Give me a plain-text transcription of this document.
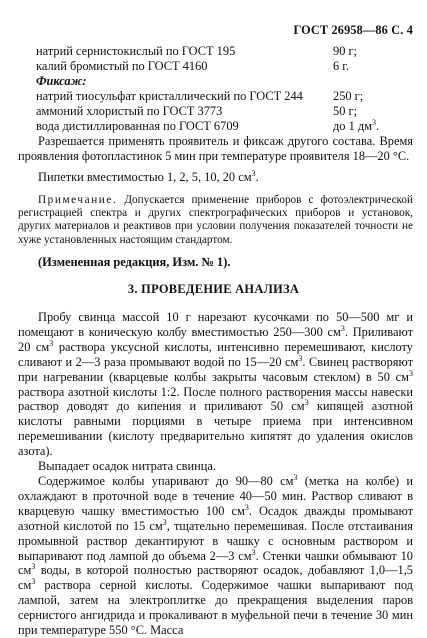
ГОСТ 26958—86 С. 4
натрий сернистокислый по ГОСТ 195	90 г;
калий бромистый по ГОСТ 4160	6 г.
Фиксаж:
натрий тиосульфат кристаллический по ГОСТ 244 250 г;
аммоний хлористый по ГОСТ 3773	50 г;
вода дистиллированная по ГОСТ 6709	до 1 $дм^3$.
Разрешается применять проявитель и фиксаж другого состава. Время проявления фотопластинок 5 мин при температуре проявителя 18—20 °С.
Пипетки вместимостью 1, 2, 5, 10, 20 $см^3$.
Примечание. Допускается применение приборов с фотоэлектрической регистрацией спектра и других спектрографических приборов и установок, других материалов и реактивов при условии получения показателей точности не хуже установленных настоящим стандартом.
(Измененная редакция, Изм. № 1).
3. ПРОВЕДЕНИЕ АНАЛИЗА
Пробу свинца массой 10 г нарезают кусочками по 50—500 мг и помещают в коническую колбу вместимостью 250—300 $см^3$. Приливают 20 $см^3$ раствора уксусной кислоты, интенсивно перемешивают, кислоту сливают и 2—3 раза промывают водой по 15—20 $см^3$. Свинец растворяют при нагревании (кварцевые колбы закрыты часовым стеклом) в 50 $см^3$ раствора азотной кислоты 1:2. После полного растворения массы навески раствор доводят до кипения и приливают 50 $см^3$ кипящей азотной кислоты равными порциями в четыре приема при интенсивном перемешивании (кислоту предварительно кипятят до удаления окислов азота).
Выпадает осадок нитрата свинца.
Содержимое колбы упаривают до 90—80 $см^3$ (метка на колбе) и охлаждают в проточной воде в течение 40—50 мин. Раствор сливают в кварцевую чашку вместимостью 100 $см^3$. Осадок дважды промывают азотной кислотой по 15 $см^3$, тщательно перемешивая. После отстаивания промывной раствор декантируют в чашку с основным раствором и выпаривают под лампой до объема 2—3 $см^3$. Стенки чашки обмывают 10 $см^3$ воды, в которой полностью растворяют осадок, добавляют 1,0—1,5 $см^3$ раствора серной кислоты. Содержимое чашки выпаривают под лампой, затем на электроплитке до прекращения выделения паров сернистого ангидрида и прокаливают в муфельной печи в течение 30 мин при температуре 550 °С. Масса
